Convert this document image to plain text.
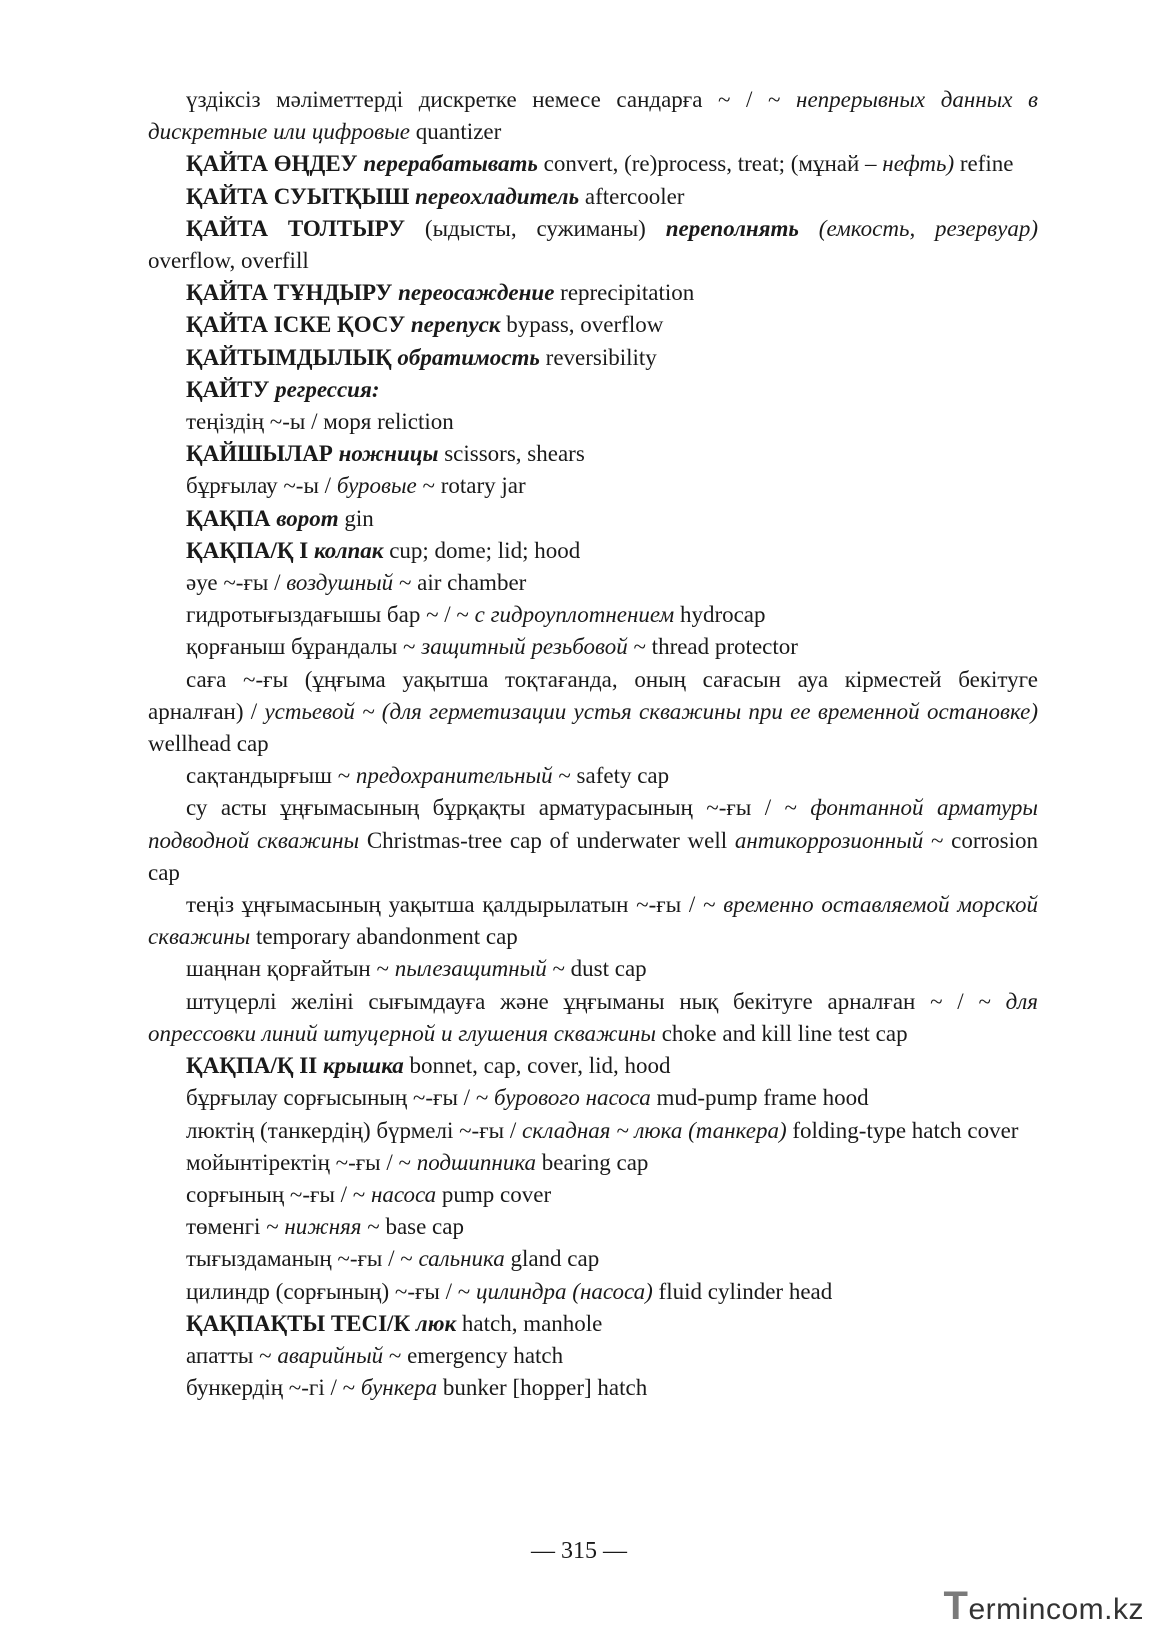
үздіксіз мәліметтерді дискретке немесе сандарға ~ / ~ непрерывных данных в дискретные или цифровые quantizer

ҚАЙТА ӨҢДЕУ перерабатывать convert, (re)process, treat; (мұнай – нефть) refine

ҚАЙТА СУЫТҚЫШ переохладитель aftercooler

ҚАЙТА ТОЛТЫРУ (ыдысты, сужиманы) переполнять (емкость, резервуар) overflow, overfill

ҚАЙТА ТҰНДЫРУ переосаждение reprecipitation

ҚАЙТА ІСКЕ ҚОСУ перепуск bypass, overflow

ҚАЙТЫМДЫЛЫҚ обратимость reversibility

ҚАЙТУ регрессия:

теңіздің ~-ы / моря reliction

ҚАЙШЫЛАР ножницы scissors, shears

бұрғылау ~-ы / буровые ~ rotary jar

ҚАҚПА ворот gin

ҚАҚПА/Қ I колпак cup; dome; lid; hood

әуе ~-ғы / воздушный ~ air chamber

гидротығыздағышы бар ~ / ~ с гидроуплотнением hydrocap

қорғаныш бұрандалы ~ защитный резьбовой ~ thread protector

саға ~-ғы (ұңғыма уақытша тоқтағанда, оның сағасын ауа кірместей бекітуге арналған) / устьевой ~ (для герметизации устья скважины при ее временной остановке) wellhead cap

сақтандырғыш ~ предохранительный ~ safety cap

су асты ұңғымасының бұрқақты арматурасының ~-ғы / ~ фонтанной арматуры подводной скважины Christmas-tree cap of underwater well антикоррозионный ~ corrosion cap

теңіз ұңғымасының уақытша қалдырылатын ~-ғы / ~ временно оставляемой морской скважины temporary abandonment cap

шаңнан қорғайтын ~ пылезащитный ~ dust cap

штуцерлі желіні сығымдауға және ұңғыманы нық бекітуге арналған ~ / ~ для опрессовки линий штуцерной и глушения скважины choke and kill line test cap

ҚАҚПА/Қ II крышка bonnet, cap, cover, lid, hood

бұрғылау сорғысының ~-ғы / ~ бурового насоса mud-pump frame hood

люктің (танкердің) бүрмелі ~-ғы / складная ~ люка (танкера) folding-type hatch cover

мойынтіректің ~-ғы / ~ подшипника bearing cap

сорғының ~-ғы / ~ насоса pump cover

төменгі ~ нижняя ~ base cap

тығыздаманың ~-ғы / ~ сальника gland cap

цилиндр (сорғының) ~-ғы / ~ цилиндра (насоса) fluid cylinder head

ҚАҚПАҚТЫ ТЕСІ/К люк hatch, manhole

апатты ~ аварийный ~ emergency hatch

бункердің ~-гі / ~ бункера bunker [hopper] hatch

— 315 —
T ermincom.kz
